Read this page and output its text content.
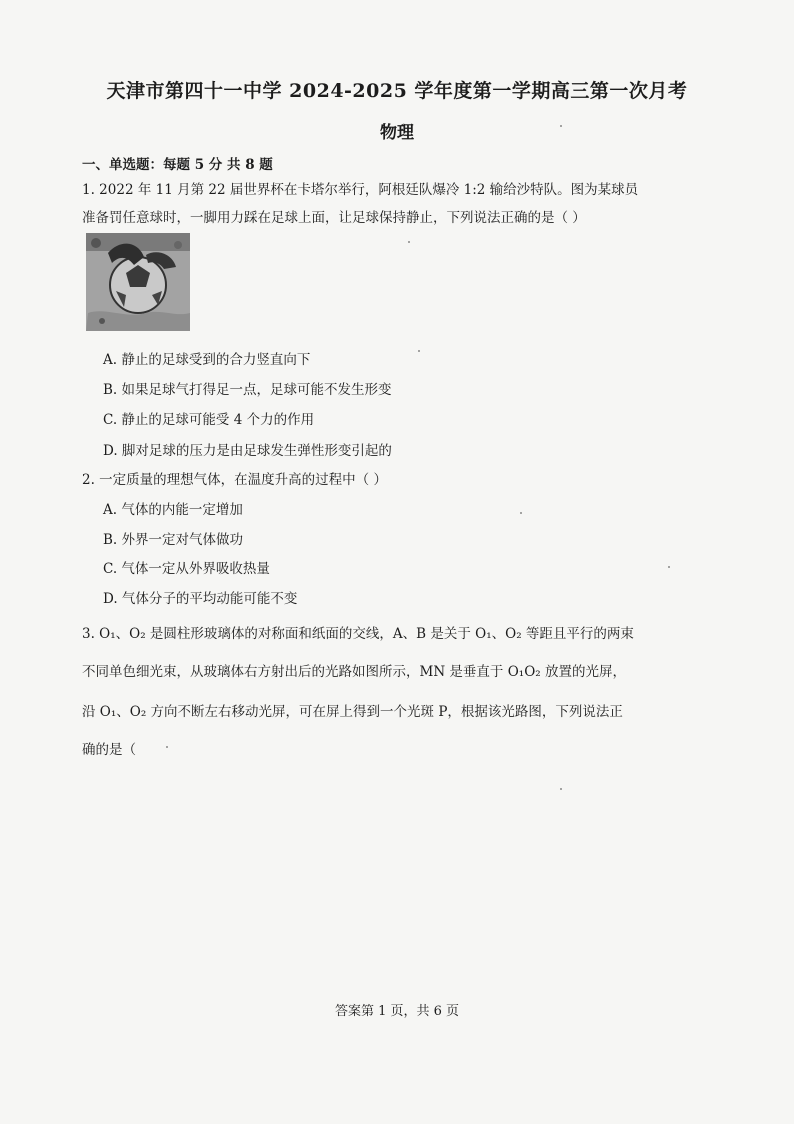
天津市第四十一中学 2024-2025 学年度第一学期高三第一次月考
物理
一、单选题：每题 5 分 共 8 题
1. 2022 年 11 月第 22 届世界杯在卡塔尔举行，阿根廷队爆冷 1:2 输给沙特队。图为某球员
准备罚任意球时，一脚用力踩在足球上面，让足球保持静止，下列说法正确的是（ ）
A. 静止的足球受到的合力竖直向下
B. 如果足球气打得足一点，足球可能不发生形变
C. 静止的足球可能受 4 个力的作用
D. 脚对足球的压力是由足球发生弹性形变引起的
2. 一定质量的理想气体，在温度升高的过程中（ ）
A. 气体的内能一定增加
B. 外界一定对气体做功
C. 气体一定从外界吸收热量
D. 气体分子的平均动能可能不变
3. O₁、O₂ 是圆柱形玻璃体的对称面和纸面的交线，A、B 是关于 O₁、O₂ 等距且平行的两束
不同单色细光束，从玻璃体右方射出后的光路如图所示，MN 是垂直于 O₁O₂ 放置的光屏，
沿 O₁、O₂ 方向不断左右移动光屏，可在屏上得到一个光斑 P，根据该光路图，下列说法正
确的是（
答案第 1 页，共 6 页
